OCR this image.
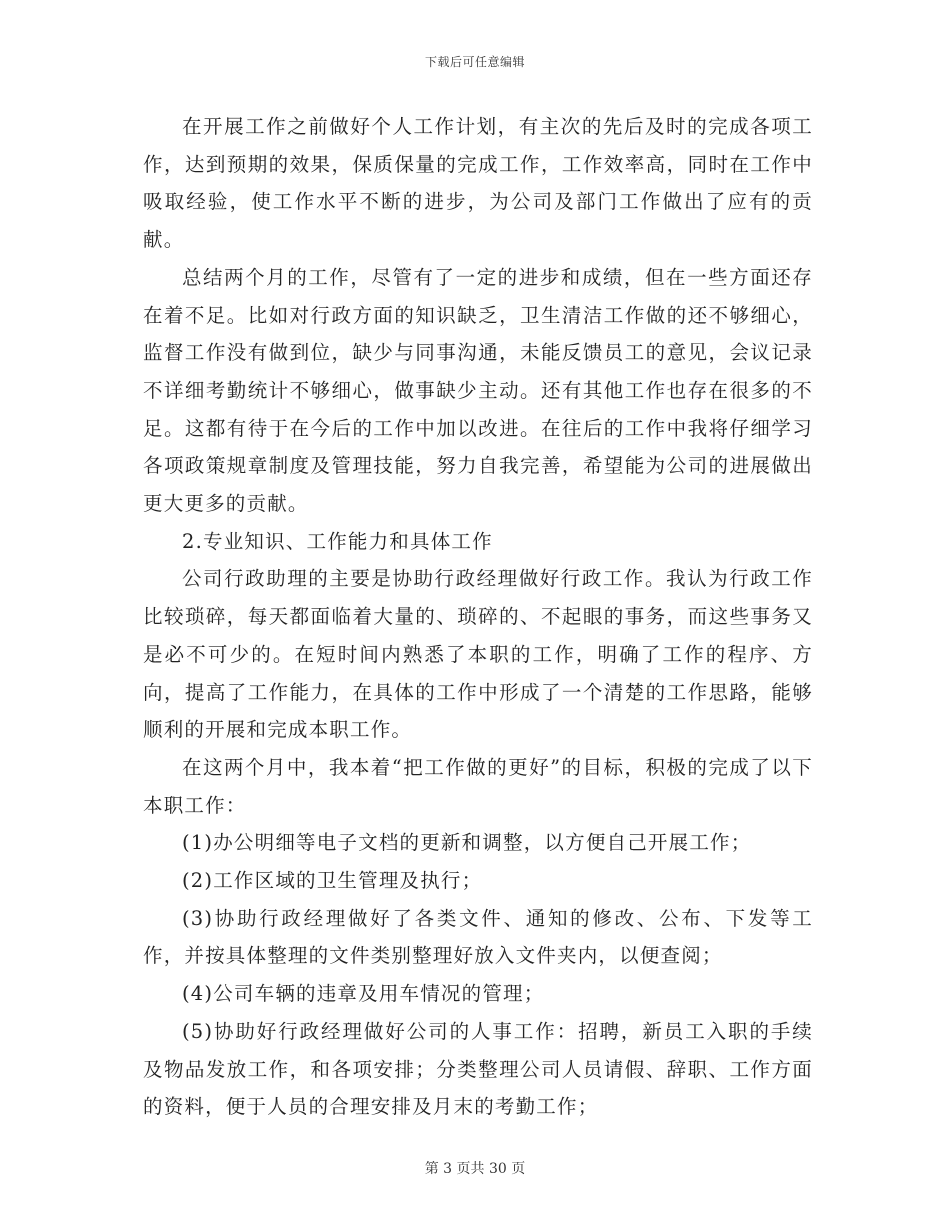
下载后可任意编辑

在开展工作之前做好个人工作计划，有主次的先后及时的完成各项工作，达到预期的效果，保质保量的完成工作，工作效率高，同时在工作中吸取经验，使工作水平不断的进步，为公司及部门工作做出了应有的贡献。

总结两个月的工作，尽管有了一定的进步和成绩，但在一些方面还存在着不足。比如对行政方面的知识缺乏，卫生清洁工作做的还不够细心，监督工作没有做到位，缺少与同事沟通，未能反馈员工的意见，会议记录不详细考勤统计不够细心，做事缺少主动。还有其他工作也存在很多的不足。这都有待于在今后的工作中加以改进。在往后的工作中我将仔细学习各项政策规章制度及管理技能，努力自我完善，希望能为公司的进展做出更大更多的贡献。

2.专业知识、工作能力和具体工作

公司行政助理的主要是协助行政经理做好行政工作。我认为行政工作比较琐碎，每天都面临着大量的、琐碎的、不起眼的事务，而这些事务又是必不可少的。在短时间内熟悉了本职的工作，明确了工作的程序、方向，提高了工作能力，在具体的工作中形成了一个清楚的工作思路，能够顺利的开展和完成本职工作。

在这两个月中，我本着“把工作做的更好”的目标，积极的完成了以下本职工作：

(1)办公明细等电子文档的更新和调整，以方便自己开展工作；

(2)工作区域的卫生管理及执行；

(3)协助行政经理做好了各类文件、通知的修改、公布、下发等工作，并按具体整理的文件类别整理好放入文件夹内，以便查阅；

(4)公司车辆的违章及用车情况的管理；

(5)协助好行政经理做好公司的人事工作：招聘，新员工入职的手续及物品发放工作，和各项安排；分类整理公司人员请假、辞职、工作方面的资料，便于人员的合理安排及月末的考勤工作；

第 3 页共 30 页
